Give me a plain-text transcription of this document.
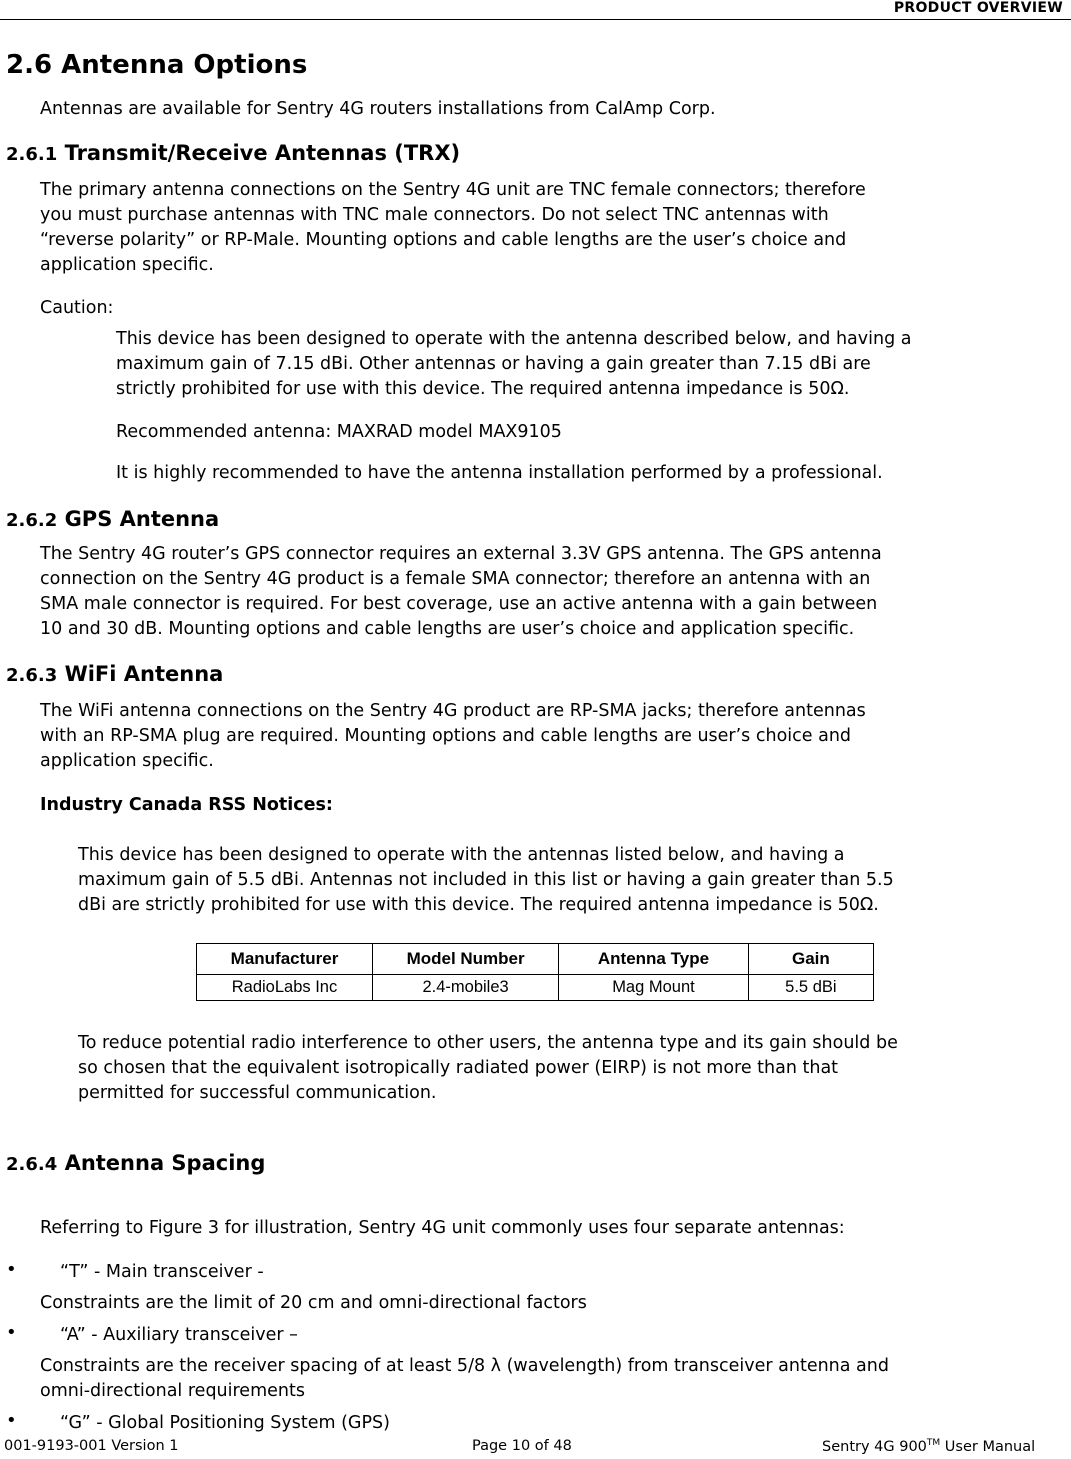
PRODUCT OVERVIEW
2.6 Antenna Options
Antennas are available for Sentry 4G routers installations from CalAmp Corp.
2.6.1 Transmit/Receive Antennas (TRX)
The primary antenna connections on the Sentry 4G unit are TNC female connectors; therefore
you must purchase antennas with TNC male connectors. Do not select TNC antennas with
“reverse polarity” or RP-Male. Mounting options and cable lengths are the user’s choice and
application specific.
Caution:
This device has been designed to operate with the antenna described below, and having a
maximum gain of 7.15 dBi. Other antennas or having a gain greater than 7.15 dBi are
strictly prohibited for use with this device. The required antenna impedance is 50Ω.
Recommended antenna: MAXRAD model MAX9105
It is highly recommended to have the antenna installation performed by a professional.
2.6.2 GPS Antenna
The Sentry 4G router’s GPS connector requires an external 3.3V GPS antenna. The GPS antenna
connection on the Sentry 4G product is a female SMA connector; therefore an antenna with an
SMA male connector is required. For best coverage, use an active antenna with a gain between
10 and 30 dB. Mounting options and cable lengths are user’s choice and application specific.
2.6.3 WiFi Antenna
The WiFi antenna connections on the Sentry 4G product are RP-SMA jacks; therefore antennas
with an RP-SMA plug are required. Mounting options and cable lengths are user’s choice and
application specific.
Industry Canada RSS Notices:
This device has been designed to operate with the antennas listed below, and having a
maximum gain of 5.5 dBi. Antennas not included in this list or having a gain greater than 5.5
dBi are strictly prohibited for use with this device. The required antenna impedance is 50Ω.
Manufacturer	Model Number	Antenna Type	Gain
RadioLabs Inc	2.4-mobile3	Mag Mount	5.5 dBi
To reduce potential radio interference to other users, the antenna type and its gain should be
so chosen that the equivalent isotropically radiated power (EIRP) is not more than that
permitted for successful communication.
2.6.4 Antenna Spacing
Referring to Figure 3 for illustration, Sentry 4G unit commonly uses four separate antennas:
• “T” - Main transceiver -
Constraints are the limit of 20 cm and omni-directional factors
• “A” - Auxiliary transceiver –
Constraints are the receiver spacing of at least 5/8 λ (wavelength) from transceiver antenna and
omni-directional requirements
• “G” - Global Positioning System (GPS)
001-9193-001 Version 1	Page 10 of 48	Sentry 4G 900™ User Manual
